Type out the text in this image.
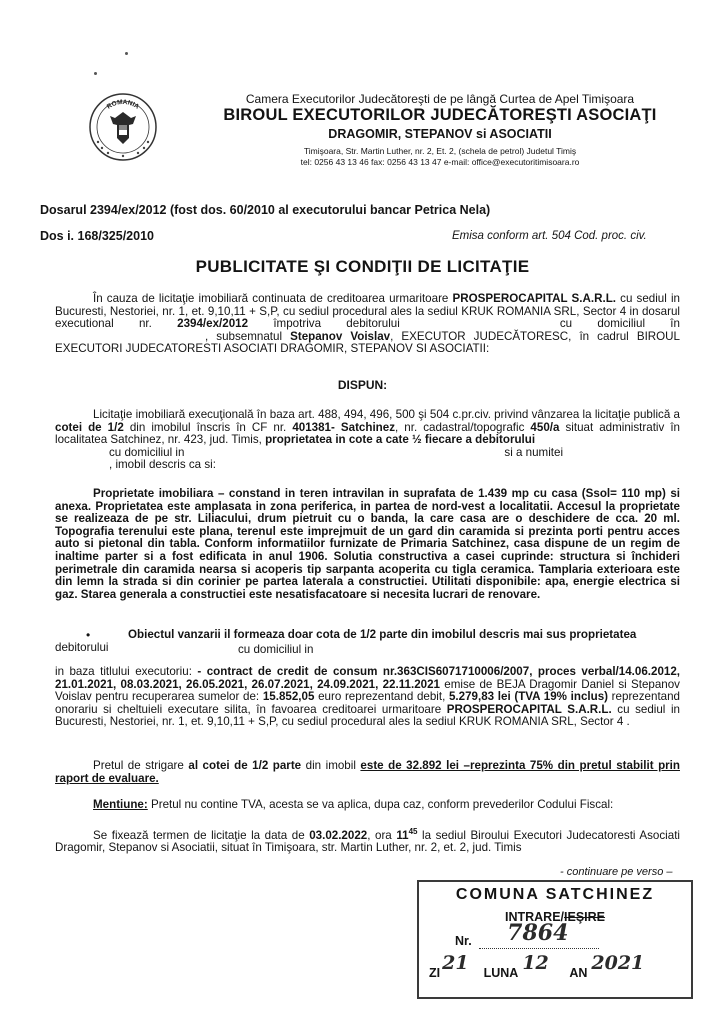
ROMANIA
Camera Executorilor Judecătoreşti de pe lângă Curtea de Apel Timişoara
BIROUL EXECUTORILOR JUDECĂTOREŞTI ASOCIAŢI
DRAGOMIR, STEPANOV si ASOCIATII
Timişoara, Str. Martin Luther, nr. 2, Et. 2, (schela de petrol) Judetul Timiş
tel: 0256 43 13 46 fax: 0256 43 13 47 e-mail: office@executoritimisoara.ro
Dosarul 2394/ex/2012 (fost dos. 60/2010 al executorului bancar Petrica Nela)
Dos i. 168/325/2010	Emisa conform art. 504 Cod. proc. civ.
PUBLICITATE ŞI CONDIŢII DE LICITAŢIE
În cauza de licitaţie imobiliară continuata de creditoarea urmaritoare PROSPEROCAPITAL S.A.R.L. cu sediul in Bucuresti, Nestoriei, nr. 1, et. 9,10,11 + S,P, cu sediul procedural ales la sediul KRUK ROMANIA SRL, Sector 4 in dosarul executional nr. 2394/ex/2012 împotriva debitorului	cu domiciliul în, subsemnatul Stepanov Voislav, EXECUTOR JUDECĂTORESC, în cadrul BIROUL EXECUTORI JUDECATORESTI ASOCIATI DRAGOMIR, STEPANOV SI ASOCIATII:
DISPUN:
Licitaţie imobiliară execuţională în baza art. 488, 494, 496, 500 şi 504 c.pr.civ. privind vânzarea la licitaţie publică a cotei de 1/2 din imobilul înscris în CF nr. 401381- Satchinez, nr. cadastral/topografic 450/a situat administrativ în localitatea Satchinez, nr. 423, jud. Timis, proprietatea in cote a cate ½ fiecare a debitorului
cu domiciliul in	si a numitei
, imobil descris ca si:
Proprietate imobiliara – constand in teren intravilan in suprafata de 1.439 mp cu casa (Ssol= 110 mp) si anexa. Proprietatea este amplasata in zona periferica, in partea de nord-vest a localitatii. Accesul la proprietate se realizeaza de pe str. Liliacului, drum pietruit cu o banda, la care casa are o deschidere de cca. 20 ml. Topografia terenului este plana, terenul este imprejmuit de un gard din caramida si prezinta porti pentru acces auto si pietonal din tabla. Conform informatiilor furnizate de Primaria Satchinez, casa dispune de un regim de inaltime parter si a fost edificata in anul 1906. Solutia constructiva a casei cuprinde: structura si închideri perimetrale din caramida nearsa si acoperis tip sarpanta acoperita cu tigla ceramica. Tamplaria exterioara este din lemn la strada si din corinier pe partea laterala a constructiei. Utilitati disponibile: apa, energie electrica si gaz. Starea generala a constructiei este nesatisfacatoare si necesita lucrari de renovare.
•	Obiectul vanzarii il formeaza doar cota de 1/2 parte din imobilul descris mai sus proprietatea
debitorului	cu domiciliul in
in baza titlului executoriu: - contract de credit de consum nr.363CIS6071710006/2007, proces verbal/14.06.2012, 21.01.2021, 08.03.2021, 26.05.2021, 26.07.2021, 24.09.2021, 22.11.2021 emise de BEJA Dragomir Daniel si Stepanov Voislav pentru recuperarea sumelor de: 15.852,05 euro reprezentand debit, 5.279,83 lei (TVA 19% inclus) reprezentand onorariu si cheltuieli executare silita, în favoarea creditoarei urmaritoare PROSPEROCAPITAL S.A.R.L. cu sediul in Bucuresti, Nestoriei, nr. 1, et. 9,10,11 + S,P, cu sediul procedural ales la sediul KRUK ROMANIA SRL, Sector 4 .
Pretul de strigare al cotei de 1/2 parte din imobil este de 32.892 lei –reprezinta 75% din pretul stabilit prin raport de evaluare.
Mentiune: Pretul nu contine TVA, acesta se va aplica, dupa caz, conform prevederilor Codului Fiscal:
Se fixează termen de licitaţie la data de 03.02.2022, ora $11^{45}$ la sediul Biroului Executori Judecatoresti Asociati Dragomir, Stepanov si Asociatii, situat în Timişoara, str. Martin Luther, nr. 2, et. 2, jud. Timis
- continuare pe verso –
COMUNA SATCHINEZ
INTRARE/IEŞIRE
Nr. 7864

ZI 21 LUNA 12 AN 2021
